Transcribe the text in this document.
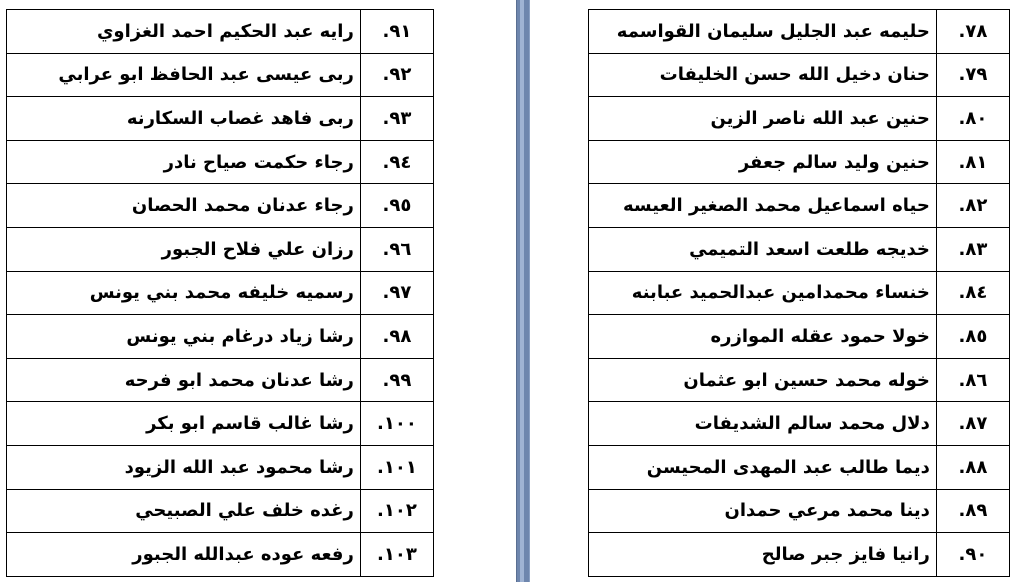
٩١.	رايه عبد الحكيم احمد الغزاوي
٩٢.	ربى عيسى عبد الحافظ ابو عرابي
٩٣.	ربى فاهد غصاب السكارنه
٩٤.	رجاء حكمت صياح نادر
٩٥.	رجاء عدنان محمد الحصان
٩٦.	رزان علي فلاح الجبور
٩٧.	رسميه خليفه محمد بني يونس
٩٨.	رشا زياد درغام بني يونس
٩٩.	رشا عدنان محمد ابو فرحه
١٠٠.	رشا غالب قاسم ابو بكر
١٠١.	رشا محمود عبد الله الزيود
١٠٢.	رغده خلف علي الصبيحي
١٠٣.	رفعه عوده عبدالله الجبور
٧٨.	حليمه عبد الجليل سليمان القواسمه
٧٩.	حنان دخيل الله حسن الخليفات
٨٠.	حنين عبد الله ناصر الزين
٨١.	حنين وليد سالم جعفر
٨٢.	حياه اسماعيل محمد الصغير العيسه
٨٣.	خديجه طلعت اسعد التميمي
٨٤.	خنساء محمدامين عبدالحميد عبابنه
٨٥.	خولا حمود عقله الموازره
٨٦.	خوله محمد حسين ابو عثمان
٨٧.	دلال محمد سالم الشديفات
٨٨.	ديما طالب عبد المهدى المحيسن
٨٩.	دينا محمد مرعي حمدان
٩٠.	رانيا فايز جبر صالح
